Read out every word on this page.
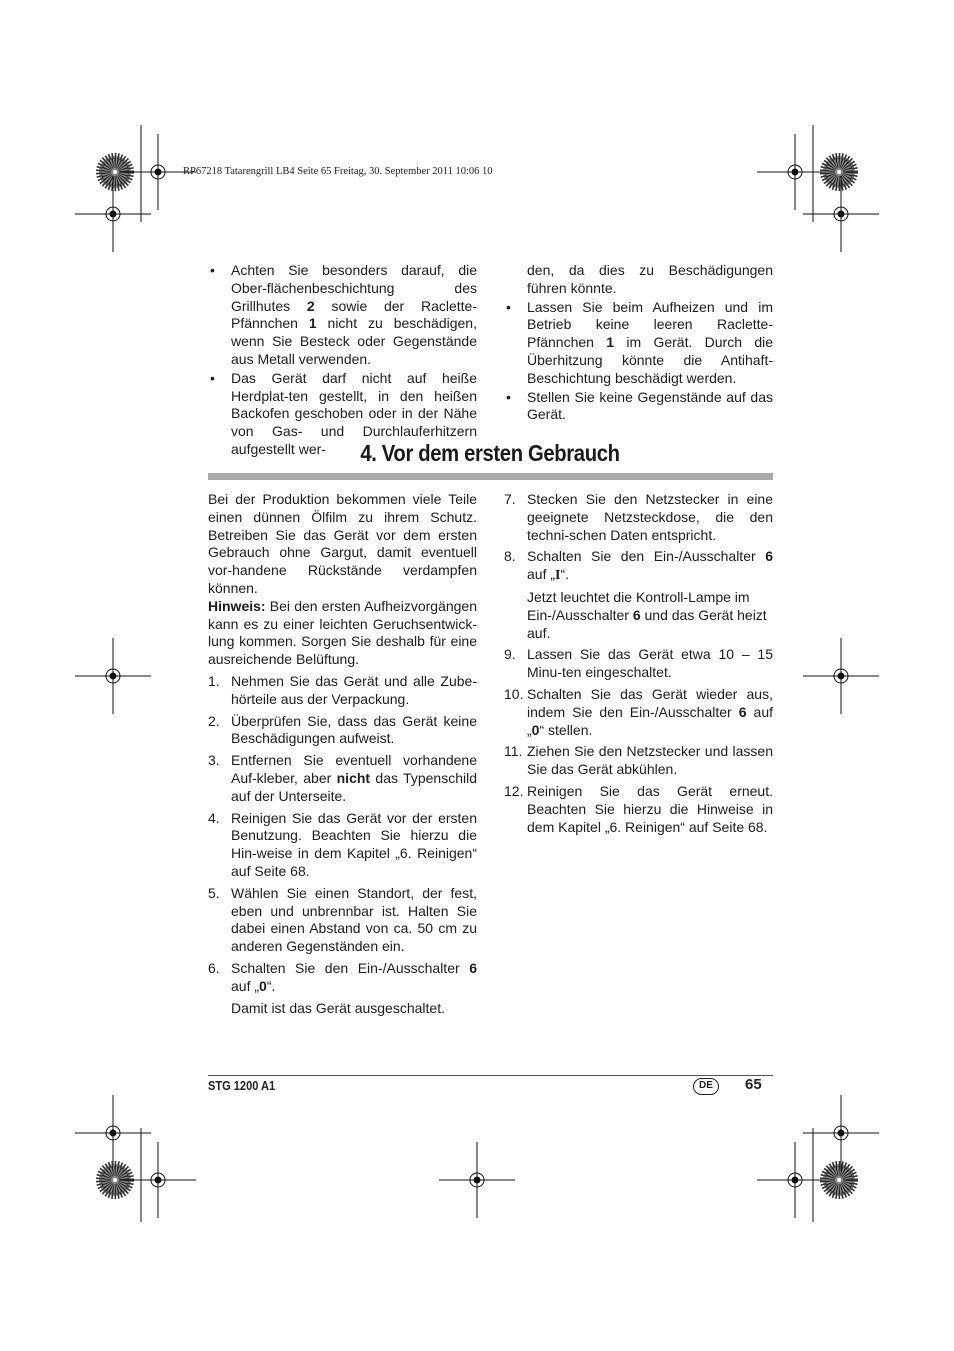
RP67218 Tatarengrill LB4 Seite 65 Freitag, 30. September 2011 10:06 10
• Achten Sie besonders darauf, die Ober-flächenbeschichtung des Grillhutes 2 sowie der Raclette-Pfännchen 1 nicht zu beschädigen, wenn Sie Besteck oder Gegenstände aus Metall verwenden.
• Das Gerät darf nicht auf heiße Herdplat-ten gestellt, in den heißen Backofen geschoben oder in der Nähe von Gas- und Durchlauferhitzern aufgestellt wer-

den, da dies zu Beschädigungen führen könnte.

• Lassen Sie beim Aufheizen und im Betrieb keine leeren Raclette-Pfännchen 1 im Gerät. Durch die Überhitzung könnte die Antihaft-Beschichtung beschädigt werden.
• Stellen Sie keine Gegenstände auf das Gerät.
4. Vor dem ersten Gebrauch

Bei der Produktion bekommen viele Teile einen dünnen Ölfilm zu ihrem Schutz. Betreiben Sie das Gerät vor dem ersten Gebrauch ohne Gargut, damit eventuell vor-handene Rückstände verdampfen können.

Hinweis: Bei den ersten Aufheizvorgängen kann es zu einer leichten Geruchsentwick-lung kommen. Sorgen Sie deshalb für eine ausreichende Belüftung.

1. Nehmen Sie das Gerät und alle Zube-hörteile aus der Verpackung.
2. Überprüfen Sie, dass das Gerät keine Beschädigungen aufweist.
3. Entfernen Sie eventuell vorhandene Auf-kleber, aber nicht das Typenschild auf der Unterseite.
4. Reinigen Sie das Gerät vor der ersten Benutzung. Beachten Sie hierzu die Hin-weise in dem Kapitel „6. Reinigen“ auf Seite 68.
5. Wählen Sie einen Standort, der fest, eben und unbrennbar ist. Halten Sie dabei einen Abstand von ca. 50 cm zu anderen Gegenständen ein.
6. Schalten Sie den Ein-/Ausschalter 6 auf „0“.
Damit ist das Gerät ausgeschaltet.
7. Stecken Sie den Netzstecker in eine geeignete Netzsteckdose, die den techni-schen Daten entspricht.
8. Schalten Sie den Ein-/Ausschalter 6 auf „I“.
Jetzt leuchtet die Kontroll-Lampe im Ein-/Ausschalter 6 und das Gerät heizt auf.
9. Lassen Sie das Gerät etwa 10 – 15 Minu-ten eingeschaltet.
10. Schalten Sie das Gerät wieder aus, indem Sie den Ein-/Ausschalter 6 auf „0“ stellen.
11. Ziehen Sie den Netzstecker und lassen Sie das Gerät abkühlen.
12. Reinigen Sie das Gerät erneut. Beachten Sie hierzu die Hinweise in dem Kapitel „6. Reinigen“ auf Seite 68.
STG 1200 A1	DE	65
